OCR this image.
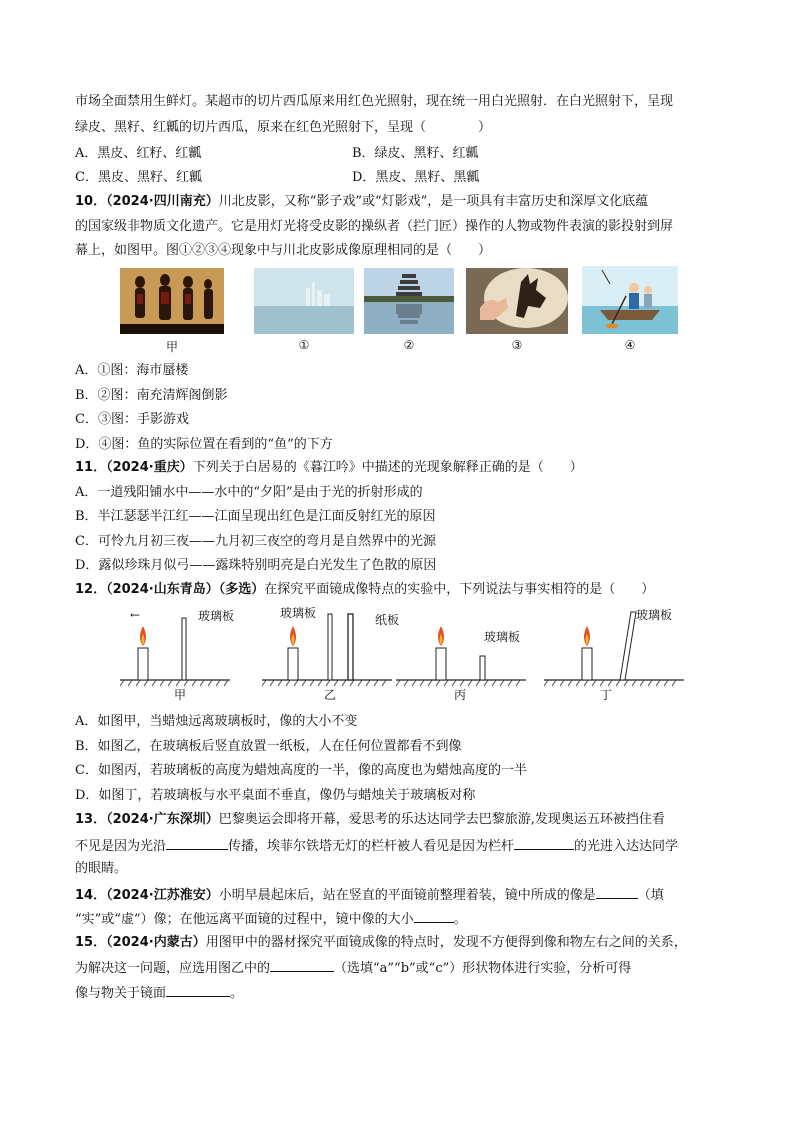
市场全面禁用生鲜灯。某超市的切片西瓜原来用红色光照射，现在统一用白光照射．在白光照射下，呈现
绿皮、黑籽、红瓤的切片西瓜，原来在红色光照射下，呈现（　　　　）
A．黑皮、红籽、红瓤	B．绿皮、黑籽、红瓤
C．黑皮、黑籽、红瓤	D．黑皮、黑籽、黑瓤
10．（2024·四川南充）川北皮影，又称“影子戏”或“灯影戏”，是一项具有丰富历史和深厚文化底蕴
的国家级非物质文化遗产。它是用灯光将受皮影的操纵者（拦门匠）操作的人物或物件表演的影投射到屏
幕上，如图甲。图①②③④现象中与川北皮影成像原理相同的是（　　）
甲	①	②	③	④
A．①图：海市蜃楼
B．②图：南充清辉阁倒影
C．③图：手影游戏
D．④图：鱼的实际位置在看到的“鱼”的下方
11．（2024·重庆）下列关于白居易的《暮江吟》中描述的光现象解释正确的是（　　）
A．一道残阳铺水中——水中的“夕阳”是由于光的折射形成的
B．半江瑟瑟半江红——江面呈现出红色是江面反射红光的原因
C．可怜九月初三夜——九月初三夜空的弯月是自然界中的光源
D．露似珍珠月似弓——露珠特别明亮是白光发生了色散的原因
12．（2024·山东青岛）（多选）在探究平面镜成像特点的实验中，下列说法与事实相符的是（　　）
←	玻璃板
甲
玻璃板	纸板
乙
玻璃板
丙
玻璃板
丁
A．如图甲，当蜡烛远离玻璃板时，像的大小不变
B．如图乙，在玻璃板后竖直放置一纸板，人在任何位置都看不到像
C．如图丙，若玻璃板的高度为蜡烛高度的一半，像的高度也为蜡烛高度的一半
D．如图丁，若玻璃板与水平桌面不垂直，像仍与蜡烛关于玻璃板对称
13．（2024·广东深圳）巴黎奥运会即将开幕，爱思考的乐达达同学去巴黎旅游,发现奥运五环被挡住看
不见是因为光沿	传播，埃菲尔铁塔无灯的栏杆被人看见是因为栏杆	的光进入达达同学
的眼睛。
14．（2024·江苏淮安）小明早晨起床后，站在竖直的平面镜前整理着装，镜中所成的像是	（填
“实”或“虚”）像；在他远离平面镜的过程中，镜中像的大小	。
15．（2024·内蒙古）用图甲中的器材探究平面镜成像的特点时，发现不方便得到像和物左右之间的关系，
为解决这一问题，应选用图乙中的	（选填“a”“b”或“c”）形状物体进行实验，分析可得
像与物关于镜面	。
